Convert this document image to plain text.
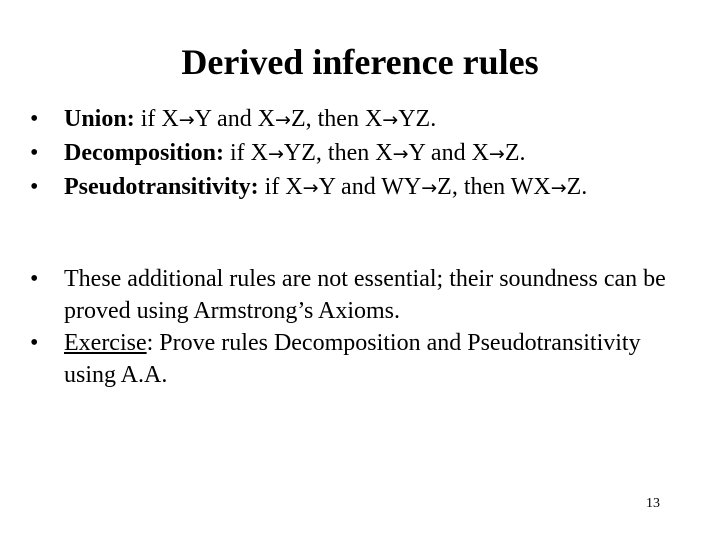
Derived inference rules
• Union: if X→Y and X→Z, then X→YZ.
• Decomposition: if X→YZ, then X→Y and X→Z.
• Pseudotransitivity: if X→Y and WY→Z, then WX→Z.
• These additional rules are not essential; their soundness can be proved using Armstrong’s Axioms.
• Exercise: Prove rules Decomposition and Pseudotransitivity using A.A.
13
